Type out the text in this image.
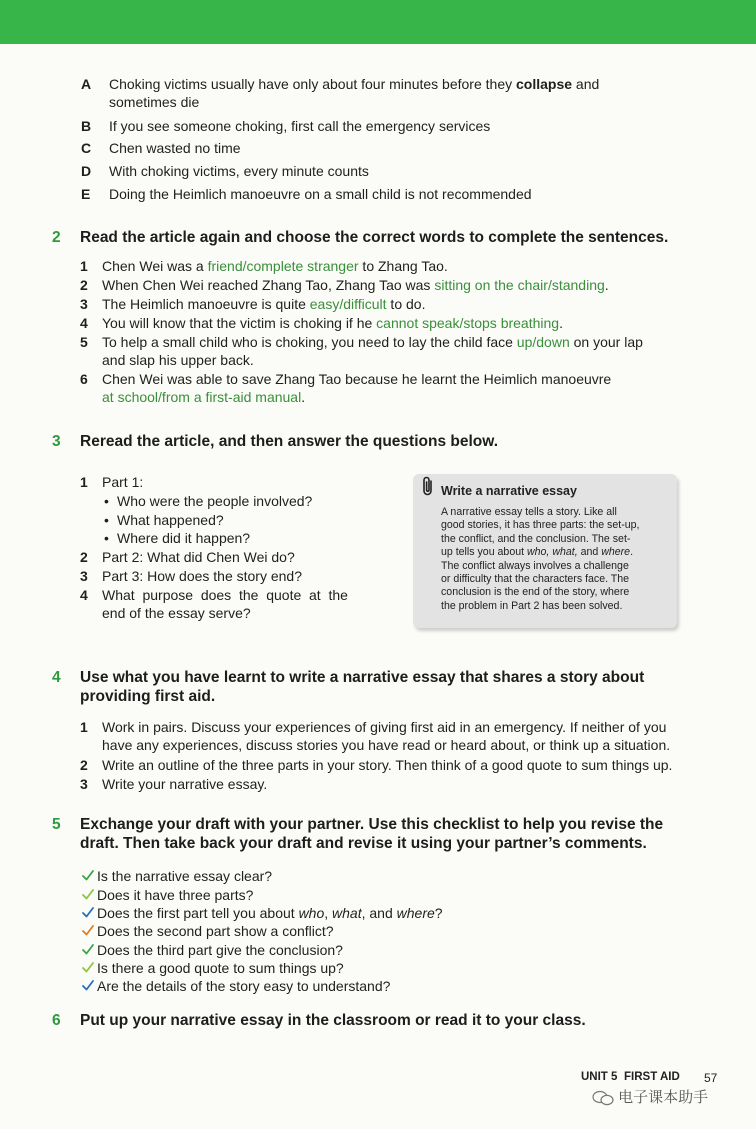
A	Choking victims usually have only about four minutes before they collapse and
sometimes die
B	If you see someone choking, first call the emergency services
C	Chen wasted no time
D	With choking victims, every minute counts
E	Doing the Heimlich manoeuvre on a small child is not recommended
2 Read the article again and choose the correct words to complete the sentences.
1 Chen Wei was a friend/complete stranger to Zhang Tao.
2 When Chen Wei reached Zhang Tao, Zhang Tao was sitting on the chair/standing.
3 The Heimlich manoeuvre is quite easy/difficult to do.
4 You will know that the victim is choking if he cannot speak/stops breathing.
5 To help a small child who is choking, you need to lay the child face up/down on your lap
and slap his upper back.
6 Chen Wei was able to save Zhang Tao because he learnt the Heimlich manoeuvre
at school/from a first-aid manual.
3 Reread the article, and then answer the questions below.
1 Part 1:
• Who were the people involved?
• What happened?
• Where did it happen?
2 Part 2: What did Chen Wei do?
3 Part 3: How does the story end?
4 What  purpose  does  the  quote  at  the
end of the essay serve?
Write a narrative essay
A narrative essay tells a story. Like all
good stories, it has three parts: the set-up,
the conflict, and the conclusion. The set-
up tells you about who, what, and where.
The conflict always involves a challenge
or difficulty that the characters face. The
conclusion is the end of the story, where
the problem in Part 2 has been solved.
4 Use what you have learnt to write a narrative essay that shares a story about
providing first aid.
1 Work in pairs. Discuss your experiences of giving first aid in an emergency. If neither of you
have any experiences, discuss stories you have read or heard about, or think up a situation.
2 Write an outline of the three parts in your story. Then think of a good quote to sum things up.
3 Write your narrative essay.
5 Exchange your draft with your partner. Use this checklist to help you revise the
draft. Then take back your draft and revise it using your partner’s comments.
Is the narrative essay clear?
Does it have three parts?
Does the first part tell you about who, what, and where?
Does the second part show a conflict?
Does the third part give the conclusion?
Is there a good quote to sum things up?
Are the details of the story easy to understand?
6 Put up your narrative essay in the classroom or read it to your class.
UNIT 5 FIRST AID 57
电子课本助手
